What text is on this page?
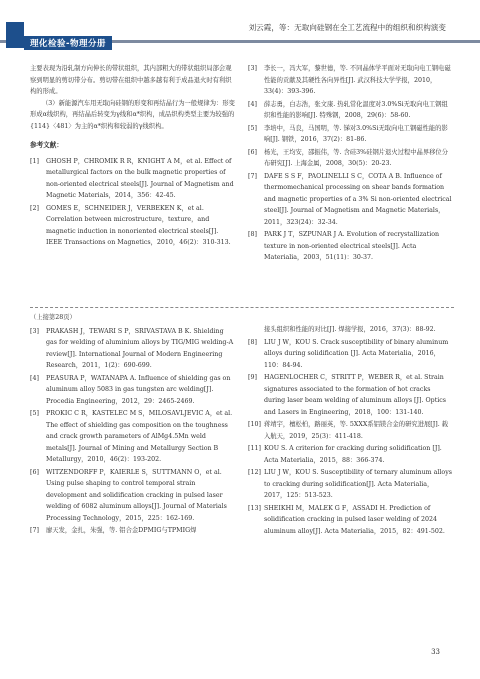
理化检验-物理分册
刘云霞，等：无取向硅钢在全工艺流程中的组织和织构演变

主要表现为沿轧制方向伸长的带状组织，其内部粗大的带状组织局部会观察到明显的剪切带分布。剪切带在组织中越多越有利于成品退火时有利织构的形成。

（3）新能源汽车用无取向硅钢的形变和再结晶行为一般规律为：形变形成α线织构，再结晶后转变为γ线和α*织构，成品织构类型主要为较强的{114}〈481〉为主的α*织构和较弱的γ线织构。

参考文献：
[1]	GHOSH P，CHROMIK R R，KNIGHT A M，et al. Effect of metallurgical factors on the bulk magnetic properties of non-oriented electrical steels[J]. Journal of Magnetism and Magnetic Materials，2014，356：42-45.
[2]	GOMES E，SCHNEIDER J，VERBEKEN K，et al. Correlation between microstructure，texture，and magnetic induction in nonoriented electrical steels[J]. IEEE Transactions on Magnetics，2010，46(2)：310-313.
[3]	李长一，冯大军，黎世德，等. 不同晶体学平面对无取向电工钢电磁性能的贡献及其硬性各向异性[J]. 武汉科技大学学报，2010，33(4)：393-396.
[4]	薛志勇，白志浩，张文康. 热轧常化温度对3.0%Si无取向电工钢组织和性能的影响[J]. 特殊钢，2008，29(6)：58-60.
[5]	李培中，马良，马国明，等. 锑对3.0%Si无取向电工钢磁性能的影响[J]. 钢铁，2016，37(2)：81-86.
[6]	杨光，王均安，邵振伟，等. 含硅3%硅钢片退火过程中晶界移位分布研究[J]. 上海金属，2008，30(5)：20-23.
[7]	DAFE S S F，PAOLINELLI S C，COTA A B. Influence of thermomechanical processing on shear bands formation and magnetic properties of a 3% Si non-oriented electrical steel[J]. Journal of Magnetism and Magnetic Materials，2011，323(24)：32-34.
[8]	PARK J T，SZPUNAR J A. Evolution of recrystallization texture in non-oriented electrical steels[J]. Acta Materialia，2003，51(11)：30-37.
（上接第28页）
[3]	PRAKASH J，TEWARI S P，SRIVASTAVA B K. Shielding gas for welding of aluminium alloys by TIG/MIG welding-A review[J]. International Journal of Modern Engineering Research，2011，1(2)：690-699.
[4]	PEASURA P，WATANAPA A. Influence of shielding gas on aluminum alloy 5083 in gas tungsten arc welding[J]. Procedia Engineering，2012，29：2465-2469.
[5]	PROKIC C R，KASTELEC M S，MILOSAVLJEVIC A，et al. The effect of shielding gas composition on the toughness and crack growth parameters of AlMg4.5Mn weld metals[J]. Journal of Mining and Metallurgy Section B Metallurgy，2010，46(2)：193-202.
[6]	WITZENDORFF P，KAIERLE S，SUTTMANN O，et al. Using pulse shaping to control temporal strain development and solidification cracking in pulsed laser welding of 6082 aluminum alloys[J]. Journal of Materials Processing Technology，2015，225：162-169.
[7]	廖天发，金扎，朱强，等. 铝合金DPMIG与TPMIG焊
接头组织和性能的对比[J]. 焊接学报，2016，37(3)：88-92.
[8]	LIU J W，KOU S. Crack susceptibility of binary aluminum alloys during solidification [J]. Acta Materialia，2016，110：84-94.
[9]	HAGENLOCHER C，STRITT P，WEBER R，et al. Strain signatures associated to the formation of hot cracks during laser beam welding of aluminum alloys [J]. Optics and Lasers in Engineering，2018，100：131-140.
[10] 蒋靖宇，檀松柏，路丽英，等. 5XXX系铝镁合金的研究进展[J]. 载入航天，2019，25(3)：411-418.
[11] KOU S. A criterion for cracking during solidification [J]. Acta Materialia，2015，88：366-374.
[12] LIU J W，KOU S. Susceptibility of ternary aluminum alloys to cracking during solidification[J]. Acta Materialia，2017，125：513-523.
[13] SHEIKHI M，MALEK G F，ASSADI H. Prediction of solidification cracking in pulsed laser welding of 2024 aluminum alloy[J]. Acta Materialia，2015，82：491-502.
33
